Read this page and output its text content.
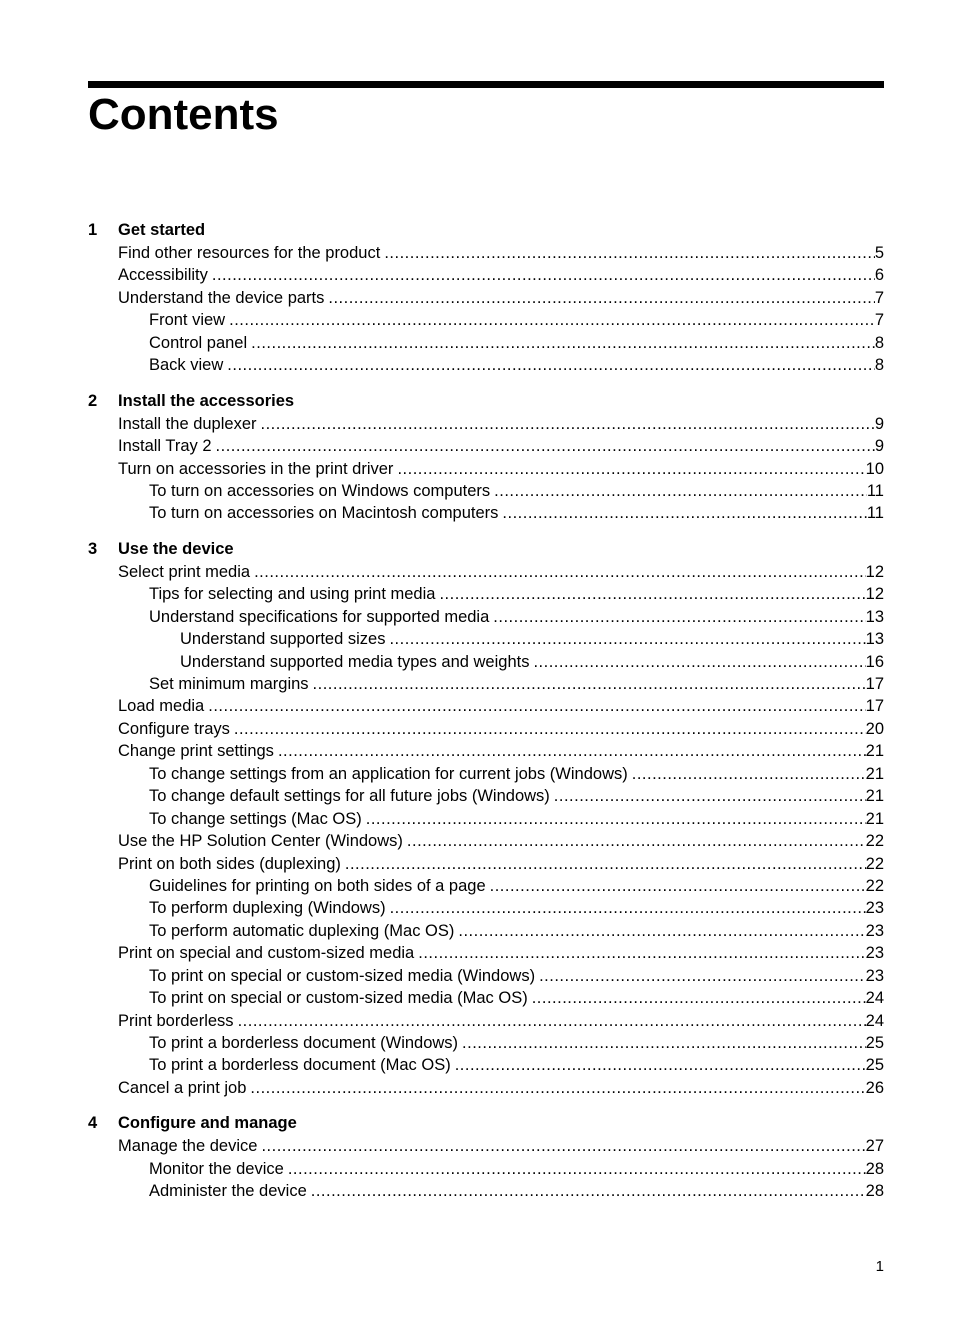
Contents
1 Get started
Find other resources for the product .....	5
Accessibility .....	6
Understand the device parts .....	7
Front view .....	7
Control panel .....	8
Back view .....	8
2 Install the accessories
Install the duplexer .....	9
Install Tray 2 .....	9
Turn on accessories in the print driver .....	10
To turn on accessories on Windows computers .....	11
To turn on accessories on Macintosh computers .....	11
3 Use the device
Select print media .....	12
Tips for selecting and using print media .....	12
Understand specifications for supported media .....	13
Understand supported sizes .....	13
Understand supported media types and weights .....	16
Set minimum margins .....	17
Load media .....	17
Configure trays .....	20
Change print settings .....	21
To change settings from an application for current jobs (Windows) .....	21
To change default settings for all future jobs (Windows) .....	21
To change settings (Mac OS) .....	21
Use the HP Solution Center (Windows) .....	22
Print on both sides (duplexing) .....	22
Guidelines for printing on both sides of a page .....	22
To perform duplexing (Windows) .....	23
To perform automatic duplexing (Mac OS) .....	23
Print on special and custom-sized media .....	23
To print on special or custom-sized media (Windows) .....	23
To print on special or custom-sized media (Mac OS) .....	24
Print borderless .....	24
To print a borderless document (Windows) .....	25
To print a borderless document (Mac OS) .....	25
Cancel a print job .....	26
4 Configure and manage
Manage the device .....	27
Monitor the device .....	28
Administer the device .....	28
1
